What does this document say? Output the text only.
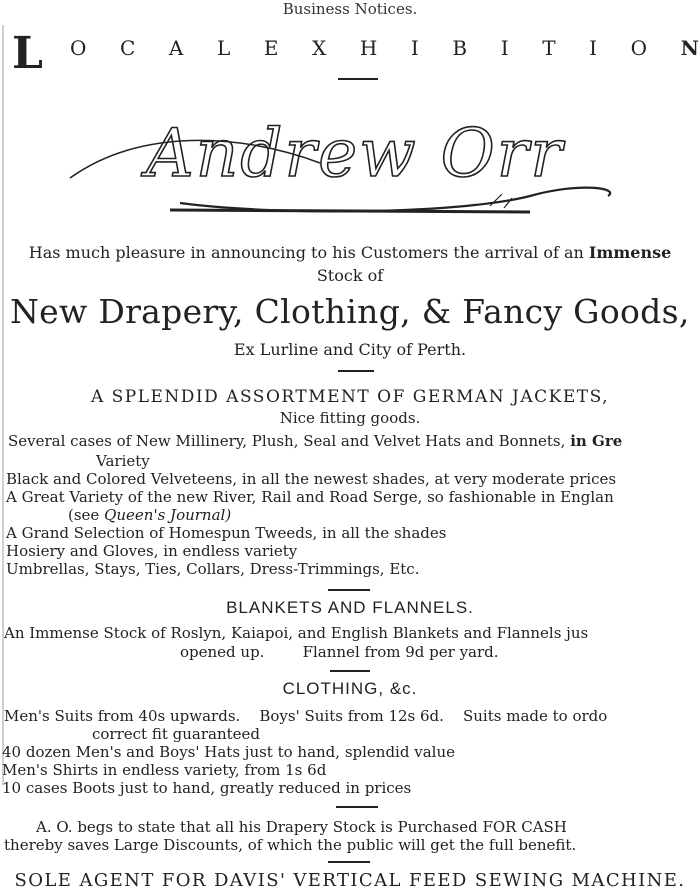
Business Notices.
L O C A L E X H I B I T I O N
Andrew Orr
Has much pleasure in announcing to his Customers the arrival of an Immense
Stock of
New Drapery, Clothing, & Fancy Goods,
Ex Lurline and City of Perth.
A SPLENDID ASSORTMENT OF GERMAN JACKETS,
Nice fitting goods.
Several cases of New Millinery, Plush, Seal and Velvet Hats and Bonnets, in Gre
Variety
Black and Colored Velveteens, in all the newest shades, at very moderate prices
A Great Variety of the new River, Rail and Road Serge, so fashionable in Englan
(see Queen's Journal)
A Grand Selection of Homespun Tweeds, in all the shades
Hosiery and Gloves, in endless variety
Umbrellas, Stays, Ties, Collars, Dress-Trimmings, Etc.
BLANKETS AND FLANNELS.
An Immense Stock of Roslyn, Kaiapoi, and English Blankets and Flannels jus
opened up.        Flannel from 9d per yard.
CLOTHING, &c.
Men's Suits from 40s upwards.    Boys' Suits from 12s 6d.    Suits made to ordo
correct fit guaranteed
40 dozen Men's and Boys' Hats just to hand, splendid value
Men's Shirts in endless variety, from 1s 6d
10 cases Boots just to hand, greatly reduced in prices
A. O. begs to state that all his Drapery Stock is Purchased FOR CASH
thereby saves Large Discounts, of which the public will get the full benefit.
SOLE AGENT FOR DAVIS' VERTICAL FEED SEWING MACHINE.
